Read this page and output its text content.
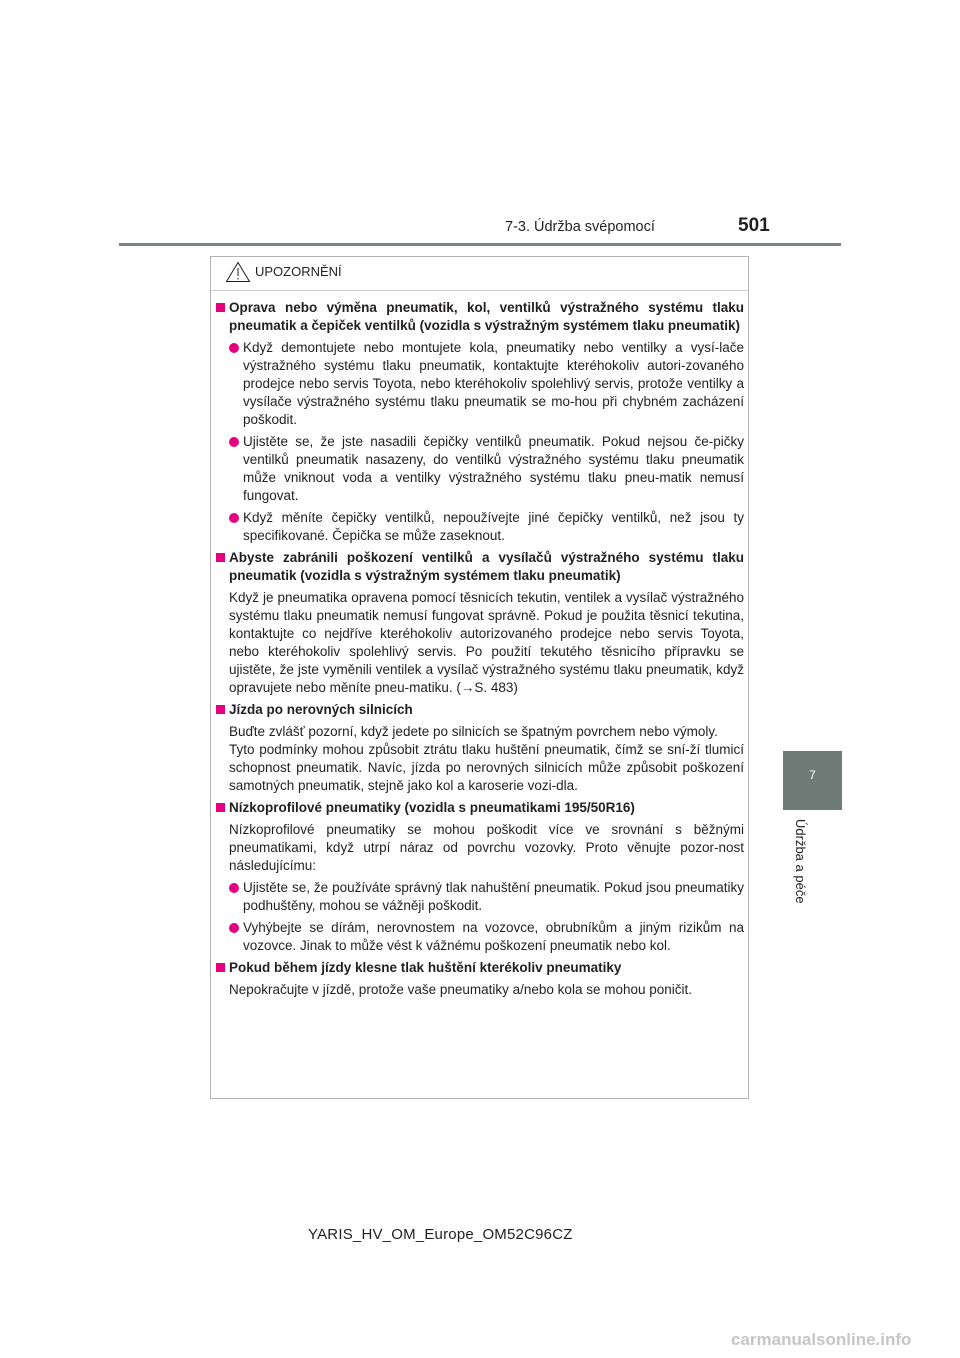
7-3. Údržba svépomocí	501
7
Údržba a péče
UPOZORNĚNÍ
Oprava nebo výměna pneumatik, kol, ventilků výstražného systému tlaku pneumatik a čepiček ventilků (vozidla s výstražným systémem tlaku pneumatik)
Když demontujete nebo montujete kola, pneumatiky nebo ventilky a vysí-lače výstražného systému tlaku pneumatik, kontaktujte kteréhokoliv autori-zovaného prodejce nebo servis Toyota, nebo kteréhokoliv spolehlivý servis, protože ventilky a vysílače výstražného systému tlaku pneumatik se mo-hou při chybném zacházení poškodit.
Ujistěte se, že jste nasadili čepičky ventilků pneumatik. Pokud nejsou če-pičky ventilků pneumatik nasazeny, do ventilků výstražného systému tlaku pneumatik může vniknout voda a ventilky výstražného systému tlaku pneu-matik nemusí fungovat.
Když měníte čepičky ventilků, nepoužívejte jiné čepičky ventilků, než jsou ty specifikované. Čepička se může zaseknout.
Abyste zabránili poškození ventilků a vysílačů výstražného systému tlaku pneumatik (vozidla s výstražným systémem tlaku pneumatik)
Když je pneumatika opravena pomocí těsnicích tekutin, ventilek a vysílač výstražného systému tlaku pneumatik nemusí fungovat správně. Pokud je použita těsnicí tekutina, kontaktujte co nejdříve kteréhokoliv autorizovaného prodejce nebo servis Toyota, nebo kteréhokoliv spolehlivý servis. Po použití tekutého těsnicího přípravku se ujistěte, že jste vyměnili ventilek a vysílač výstražného systému tlaku pneumatik, když opravujete nebo měníte pneu-matiku. (→S. 483)
Jízda po nerovných silnicích
Buďte zvlášť pozorní, když jedete po silnicích se špatným povrchem nebo výmoly.
Tyto podmínky mohou způsobit ztrátu tlaku huštění pneumatik, čímž se sní-ží tlumicí schopnost pneumatik. Navíc, jízda po nerovných silnicích může způsobit poškození samotných pneumatik, stejně jako kol a karoserie vozi-dla.
Nízkoprofilové pneumatiky (vozidla s pneumatikami 195/50R16)
Nízkoprofilové pneumatiky se mohou poškodit více ve srovnání s běžnými pneumatikami, když utrpí náraz od povrchu vozovky. Proto věnujte pozor-nost následujícímu:
Ujistěte se, že používáte správný tlak nahuštění pneumatik. Pokud jsou pneumatiky podhuštěny, mohou se vážněji poškodit.
Vyhýbejte se dírám, nerovnostem na vozovce, obrubníkům a jiným rizikům na vozovce. Jinak to může vést k vážnému poškození pneumatik nebo kol.
Pokud během jízdy klesne tlak huštění kterékoliv pneumatiky
Nepokračujte v jízdě, protože vaše pneumatiky a/nebo kola se mohou poničit.
YARIS_HV_OM_Europe_OM52C96CZ
carmanualsonline.info
